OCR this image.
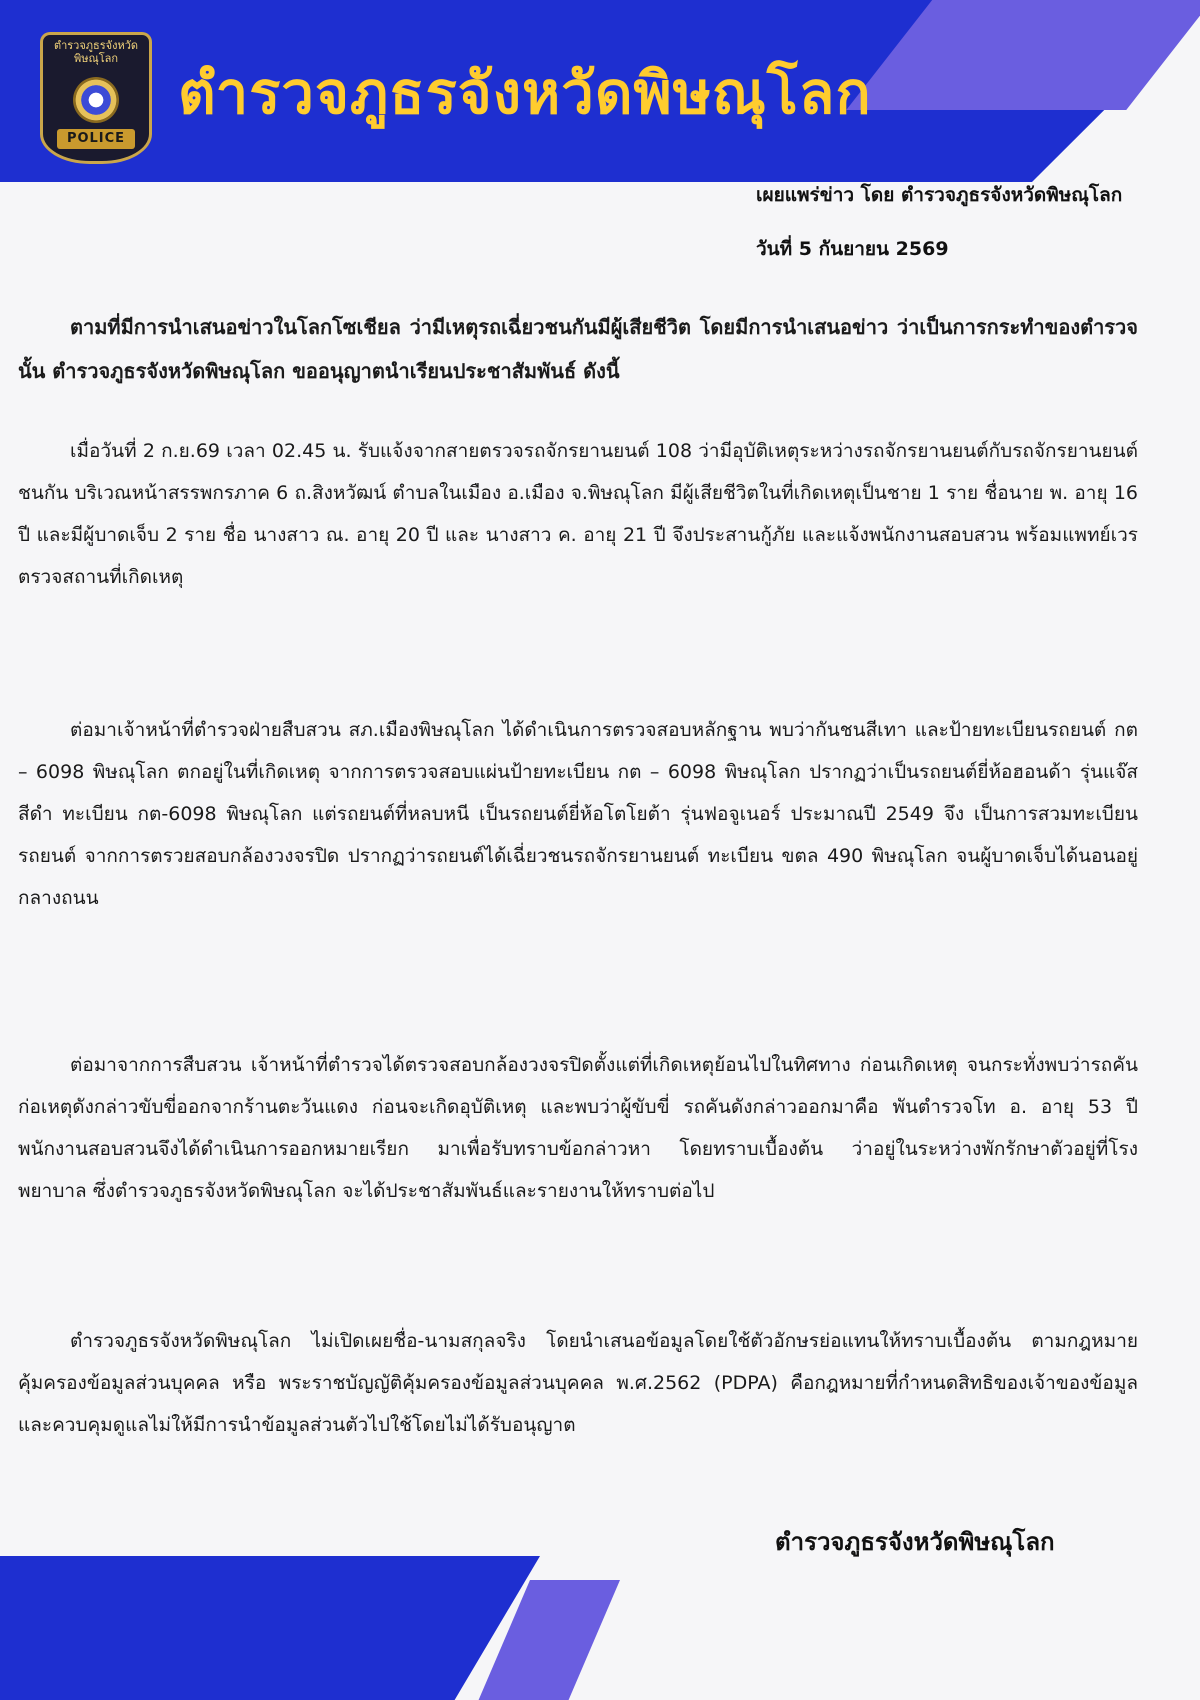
ตำรวจภูธรจังหวัดพิษณุโลก
POLICE
ตำรวจภูธรจังหวัดพิษณุโลก
เผยแพร่ข่าว โดย ตำรวจภูธรจังหวัดพิษณุโลก
วันที่ 5 กันยายน 2569
ตามที่มีการนำเสนอข่าวในโลกโซเชียล ว่ามีเหตุรถเฉี่ยวชนกันมีผู้เสียชีวิต โดยมีการนำเสนอข่าว ว่าเป็นการกระทำของตำรวจนั้น ตำรวจภูธรจังหวัดพิษณุโลก ขออนุญาตนำเรียนประชาสัมพันธ์ ดังนี้
เมื่อวันที่ 2 ก.ย.69 เวลา 02.45 น. รับแจ้งจากสายตรวจรถจักรยานยนต์ 108 ว่ามีอุบัติเหตุระหว่างรถจักรยานยนต์กับรถจักรยานยนต์ชนกัน บริเวณหน้าสรรพกรภาค 6 ถ.สิงหวัฒน์ ตำบลในเมือง อ.เมือง จ.พิษณุโลก มีผู้เสียชีวิตในที่เกิดเหตุเป็นชาย 1 ราย ชื่อนาย พ. อายุ 16 ปี และมีผู้บาดเจ็บ 2 ราย ชื่อ นางสาว ณ. อายุ 20 ปี และ นางสาว ค. อายุ 21 ปี จึงประสานกู้ภัย และแจ้งพนักงานสอบสวน พร้อมแพทย์เวร ตรวจสถานที่เกิดเหตุ
ต่อมาเจ้าหน้าที่ตำรวจฝ่ายสืบสวน สภ.เมืองพิษณุโลก ได้ดำเนินการตรวจสอบหลักฐาน พบว่ากันชนสีเทา และป้ายทะเบียนรถยนต์ กต – 6098 พิษณุโลก ตกอยู่ในที่เกิดเหตุ จากการตรวจสอบแผ่นป้ายทะเบียน กต – 6098 พิษณุโลก ปรากฏว่าเป็นรถยนต์ยี่ห้อฮอนด้า รุ่นแจ๊ส สีดำ ทะเบียน กต-6098 พิษณุโลก แต่รถยนต์ที่หลบหนี เป็นรถยนต์ยี่ห้อโตโยต้า รุ่นฟอจูเนอร์ ประมาณปี 2549 จึง เป็นการสวมทะเบียนรถยนต์ จากการตรวยสอบกล้องวงจรปิด ปรากฏว่ารถยนต์ได้เฉี่ยวชนรถจักรยานยนต์ ทะเบียน ขตล 490 พิษณุโลก จนผู้บาดเจ็บได้นอนอยู่กลางถนน
ต่อมาจากการสืบสวน เจ้าหน้าที่ตำรวจได้ตรวจสอบกล้องวงจรปิดตั้งแต่ที่เกิดเหตุย้อนไปในทิศทาง ก่อนเกิดเหตุ จนกระทั่งพบว่ารถคันก่อเหตุดังกล่าวขับขี่ออกจากร้านตะวันแดง ก่อนจะเกิดอุบัติเหตุ และพบว่าผู้ขับขี่ รถคันดังกล่าวออกมาคือ พันตำรวจโท อ. อายุ 53 ปี พนักงานสอบสวนจึงได้ดำเนินการออกหมายเรียก มาเพื่อรับทราบข้อกล่าวหา โดยทราบเบื้องต้น ว่าอยู่ในระหว่างพักรักษาตัวอยู่ที่โรงพยาบาล ซึ่งตำรวจภูธรจังหวัดพิษณุโลก จะได้ประชาสัมพันธ์และรายงานให้ทราบต่อไป
ตำรวจภูธรจังหวัดพิษณุโลก ไม่เปิดเผยชื่อ-นามสกุลจริง โดยนำเสนอข้อมูลโดยใช้ตัวอักษรย่อแทนให้ทราบเบื้องต้น ตามกฎหมายคุ้มครองข้อมูลส่วนบุคคล หรือ พระราชบัญญัติคุ้มครองข้อมูลส่วนบุคคล พ.ศ.2562 (PDPA) คือกฎหมายที่กำหนดสิทธิของเจ้าของข้อมูล และควบคุมดูแลไม่ให้มีการนำข้อมูลส่วนตัวไปใช้โดยไม่ได้รับอนุญาต
ตำรวจภูธรจังหวัดพิษณุโลก
